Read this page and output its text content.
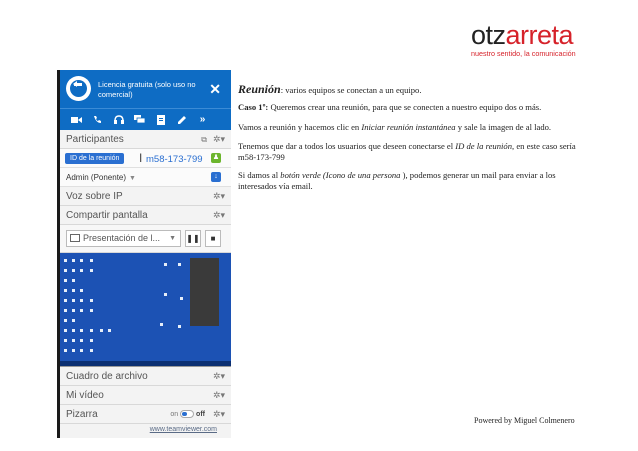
otzarreta
nuestro sentido, la comunicación
Licencia gratuita (solo uso no comercial)	✕
»
Participantes	⧉ ✲▾
ID de la reunión	I m58-173-799 ♟
Admin (Ponente) ▼	↓
Voz sobre IP	✲▾
Compartir pantalla	✲▾
Presentación de l... ▼ ❚❚	■
Cuadro de archivo	✲▾
Mi vídeo	✲▾
Pizarra	on	off ✲▾
www.teamviewer.com
Reunión: varios equipos se conectan a un equipo.
Caso 1º: Queremos crear una reunión, para que se conecten a nuestro equipo dos o más.
Vamos a reunión y hacemos clic en Iniciar reunión instantánea y sale la imagen de al lado.
Tenemos que dar a todos los usuarios que deseen conectarse el ID de la reunión, en este caso sería m58-173-799
Si damos al botón verde (Icono de una persona ), podemos generar un mail para enviar a los interesados vía email.
Powered by Miguel Colmenero
